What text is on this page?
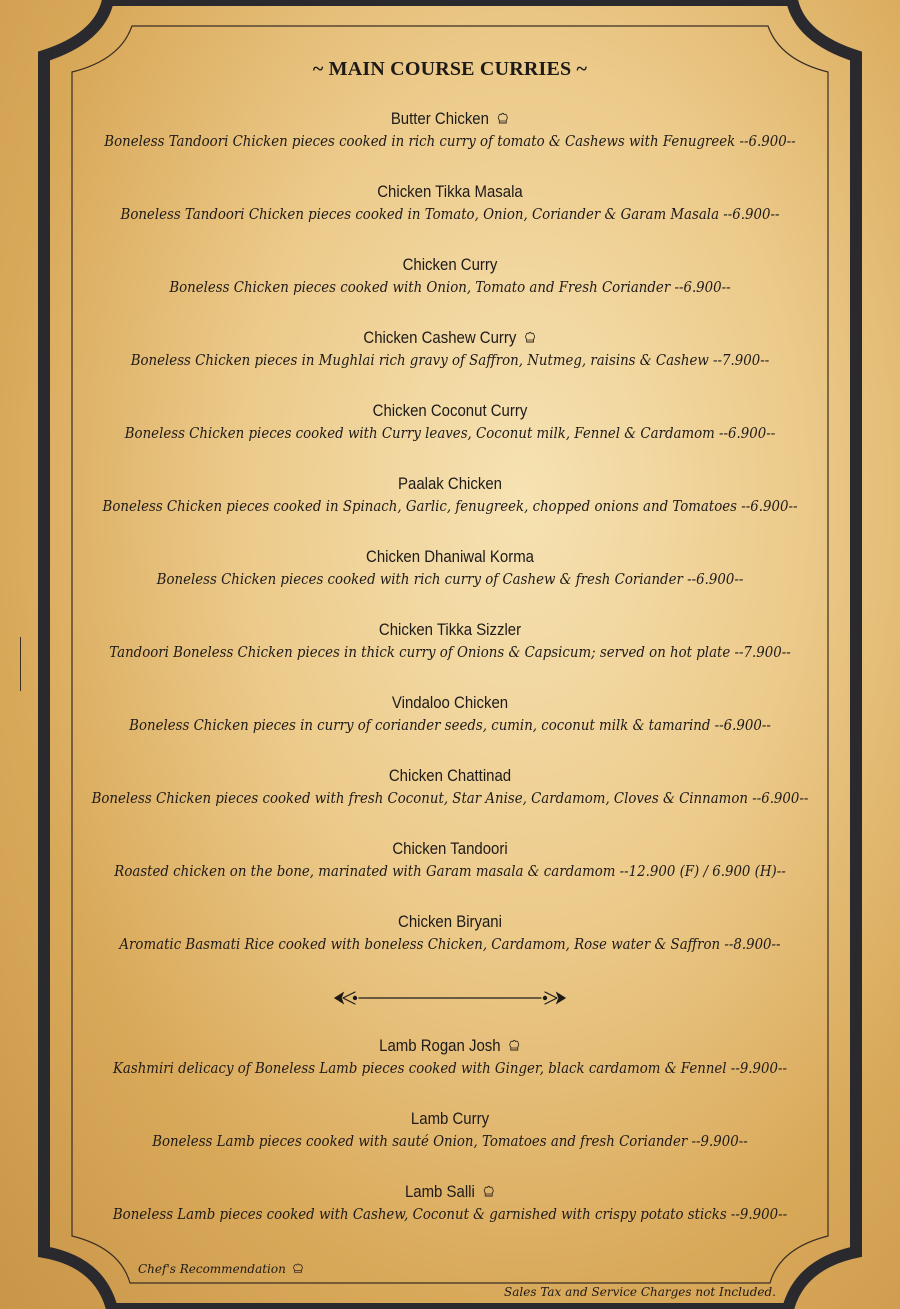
~ MAIN COURSE CURRIES ~
Butter Chicken
Boneless Tandoori Chicken pieces cooked in rich curry of tomato & Cashews with Fenugreek --6.900--
Chicken Tikka Masala
Boneless Tandoori Chicken pieces cooked in Tomato, Onion, Coriander & Garam Masala --6.900--
Chicken Curry
Boneless Chicken pieces cooked with Onion, Tomato and Fresh Coriander --6.900--
Chicken Cashew Curry
Boneless Chicken pieces in Mughlai rich gravy of Saffron, Nutmeg, raisins & Cashew --7.900--
Chicken Coconut Curry
Boneless Chicken pieces cooked with Curry leaves, Coconut milk, Fennel & Cardamom --6.900--
Paalak Chicken
Boneless Chicken pieces cooked in Spinach, Garlic, fenugreek, chopped onions and Tomatoes --6.900--
Chicken Dhaniwal Korma
Boneless Chicken pieces cooked with rich curry of Cashew & fresh Coriander --6.900--
Chicken Tikka Sizzler
Tandoori Boneless Chicken pieces in thick curry of Onions & Capsicum; served on hot plate --7.900--
Vindaloo Chicken
Boneless Chicken pieces in curry of coriander seeds, cumin, coconut milk & tamarind --6.900--
Chicken Chattinad
Boneless Chicken pieces cooked with fresh Coconut, Star Anise, Cardamom, Cloves & Cinnamon --6.900--
Chicken Tandoori
Roasted chicken on the bone, marinated with Garam masala & cardamom --12.900 (F) / 6.900 (H)--
Chicken Biryani
Aromatic Basmati Rice cooked with boneless Chicken, Cardamom, Rose water & Saffron --8.900--
Lamb Rogan Josh
Kashmiri delicacy of Boneless Lamb pieces cooked with Ginger, black cardamom & Fennel --9.900--
Lamb Curry
Boneless Lamb pieces cooked with sauté Onion, Tomatoes and fresh Coriander --9.900--
Lamb Salli
Boneless Lamb pieces cooked with Cashew, Coconut & garnished with crispy potato sticks --9.900--
Chef's Recommendation
Sales Tax and Service Charges not Included.
